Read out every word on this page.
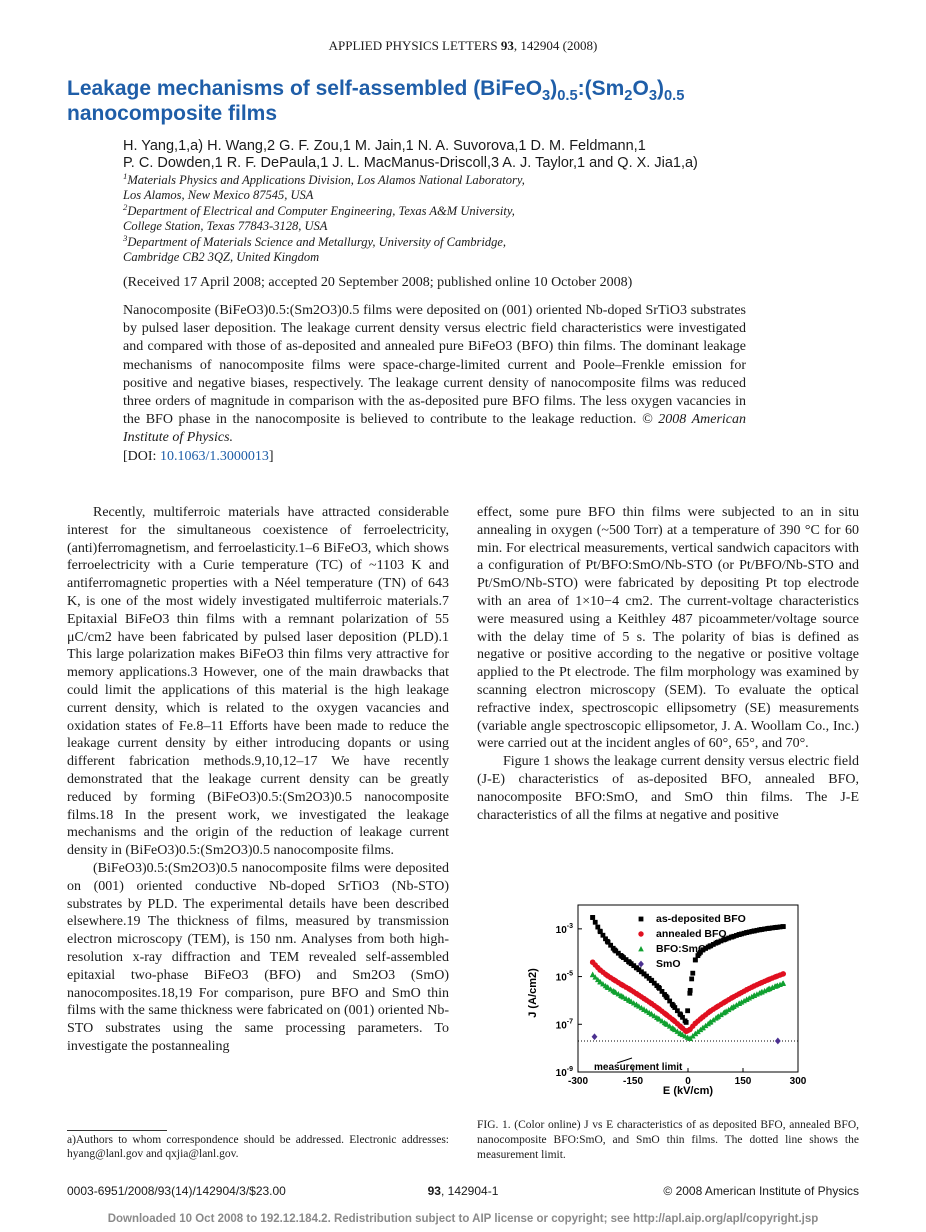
APPLIED PHYSICS LETTERS 93, 142904 (2008)
Leakage mechanisms of self-assembled $(BiFeO_3)_{0.5}:(Sm_2O_3)_{0.5}$
nanocomposite films
H. Yang,1,a) H. Wang,2 G. F. Zou,1 M. Jain,1 N. A. Suvorova,1 D. M. Feldmann,1
P. C. Dowden,1 R. F. DePaula,1 J. L. MacManus-Driscoll,3 A. J. Taylor,1 and Q. X. Jia1,a)
$^1$Materials Physics and Applications Division, Los Alamos National Laboratory,
Los Alamos, New Mexico 87545, USA
$^2$Department of Electrical and Computer Engineering, Texas A&M University,
College Station, Texas 77843-3128, USA
$^3$Department of Materials Science and Metallurgy, University of Cambridge,
Cambridge CB2 3QZ, United Kingdom
(Received 17 April 2008; accepted 20 September 2008; published online 10 October 2008)
Nanocomposite (BiFeO3)0.5:(Sm2O3)0.5 films were deposited on (001) oriented Nb-doped SrTiO3 substrates by pulsed laser deposition. The leakage current density versus electric field characteristics were investigated and compared with those of as-deposited and annealed pure BiFeO3 (BFO) thin films. The dominant leakage mechanisms of nanocomposite films were space-charge-limited current and Poole–Frenkle emission for positive and negative biases, respectively. The leakage current density of nanocomposite films was reduced three orders of magnitude in comparison with the as-deposited pure BFO films. The less oxygen vacancies in the BFO phase in the nanocomposite is believed to contribute to the leakage reduction. © 2008 American Institute of Physics.
[DOI: 10.1063/1.3000013]

Recently, multiferroic materials have attracted considerable interest for the simultaneous coexistence of ferroelectricity, (anti)ferromagnetism, and ferroelasticity.1–6 BiFeO3, which shows ferroelectricity with a Curie temperature (TC) of ~1103 K and antiferromagnetic properties with a Néel temperature (TN) of 643 K, is one of the most widely investigated multiferroic materials.7 Epitaxial BiFeO3 thin films with a remnant polarization of 55 μC/cm2 have been fabricated by pulsed laser deposition (PLD).1 This large polarization makes BiFeO3 thin films very attractive for memory applications.3 However, one of the main drawbacks that could limit the applications of this material is the high leakage current density, which is related to the oxygen vacancies and oxidation states of Fe.8–11 Efforts have been made to reduce the leakage current density by either introducing dopants or using different fabrication methods.9,10,12–17 We have recently demonstrated that the leakage current density can be greatly reduced by forming (BiFeO3)0.5:(Sm2O3)0.5 nanocomposite films.18 In the present work, we investigated the leakage mechanisms and the origin of the reduction of leakage current density in (BiFeO3)0.5:(Sm2O3)0.5 nanocomposite films.

(BiFeO3)0.5:(Sm2O3)0.5 nanocomposite films were deposited on (001) oriented conductive Nb-doped SrTiO3 (Nb-STO) substrates by PLD. The experimental details have been described elsewhere.19 The thickness of films, measured by transmission electron microscopy (TEM), is 150 nm. Analyses from both high-resolution x-ray diffraction and TEM revealed self-assembled epitaxial two-phase BiFeO3 (BFO) and Sm2O3 (SmO) nanocomposites.18,19 For comparison, pure BFO and SmO thin films with the same thickness were fabricated on (001) oriented Nb-STO substrates using the same processing parameters. To investigate the postannealing

effect, some pure BFO thin films were subjected to an in situ annealing in oxygen (~500 Torr) at a temperature of 390 °C for 60 min. For electrical measurements, vertical sandwich capacitors with a configuration of Pt/BFO:SmO/Nb-STO (or Pt/BFO/Nb-STO and Pt/SmO/Nb-STO) were fabricated by depositing Pt top electrode with an area of 1×10−4 cm2. The current-voltage characteristics were measured using a Keithley 487 picoammeter/voltage source with the delay time of 5 s. The polarity of bias is defined as negative or positive according to the negative or positive voltage applied to the Pt electrode. The film morphology was examined by scanning electron microscopy (SEM). To evaluate the optical refractive index, spectroscopic ellipsometry (SE) measurements (variable angle spectroscopic ellipsometor, J. A. Woollam Co., Inc.) were carried out at the incident angles of 60°, 65°, and 70°.

Figure 1 shows the leakage current density versus electric field (J-E) characteristics of as-deposited BFO, annealed BFO, nanocomposite BFO:SmO, and SmO thin films. The J-E characteristics of all the films at negative and positive

-300	-150	0	150	300
$10^{-9}$
$10^{-7}$
$10^{-5}$
$10^{-3}$
as-deposited BFO
annealed BFO
BFO:SmO
SmO
E (kV/cm)
J (A/cm2)
measurement limit
FIG. 1. (Color online) J vs E characteristics of as deposited BFO, annealed BFO, nanocomposite BFO:SmO, and SmO thin films. The dotted line shows the measurement limit.
a)Authors to whom correspondence should be addressed. Electronic addresses: hyang@lanl.gov and qxjia@lanl.gov.
0003-6951/2008/93(14)/142904/3/$23.00	93, 142904-1	© 2008 American Institute of Physics
Downloaded 10 Oct 2008 to 192.12.184.2. Redistribution subject to AIP license or copyright; see http://apl.aip.org/apl/copyright.jsp
